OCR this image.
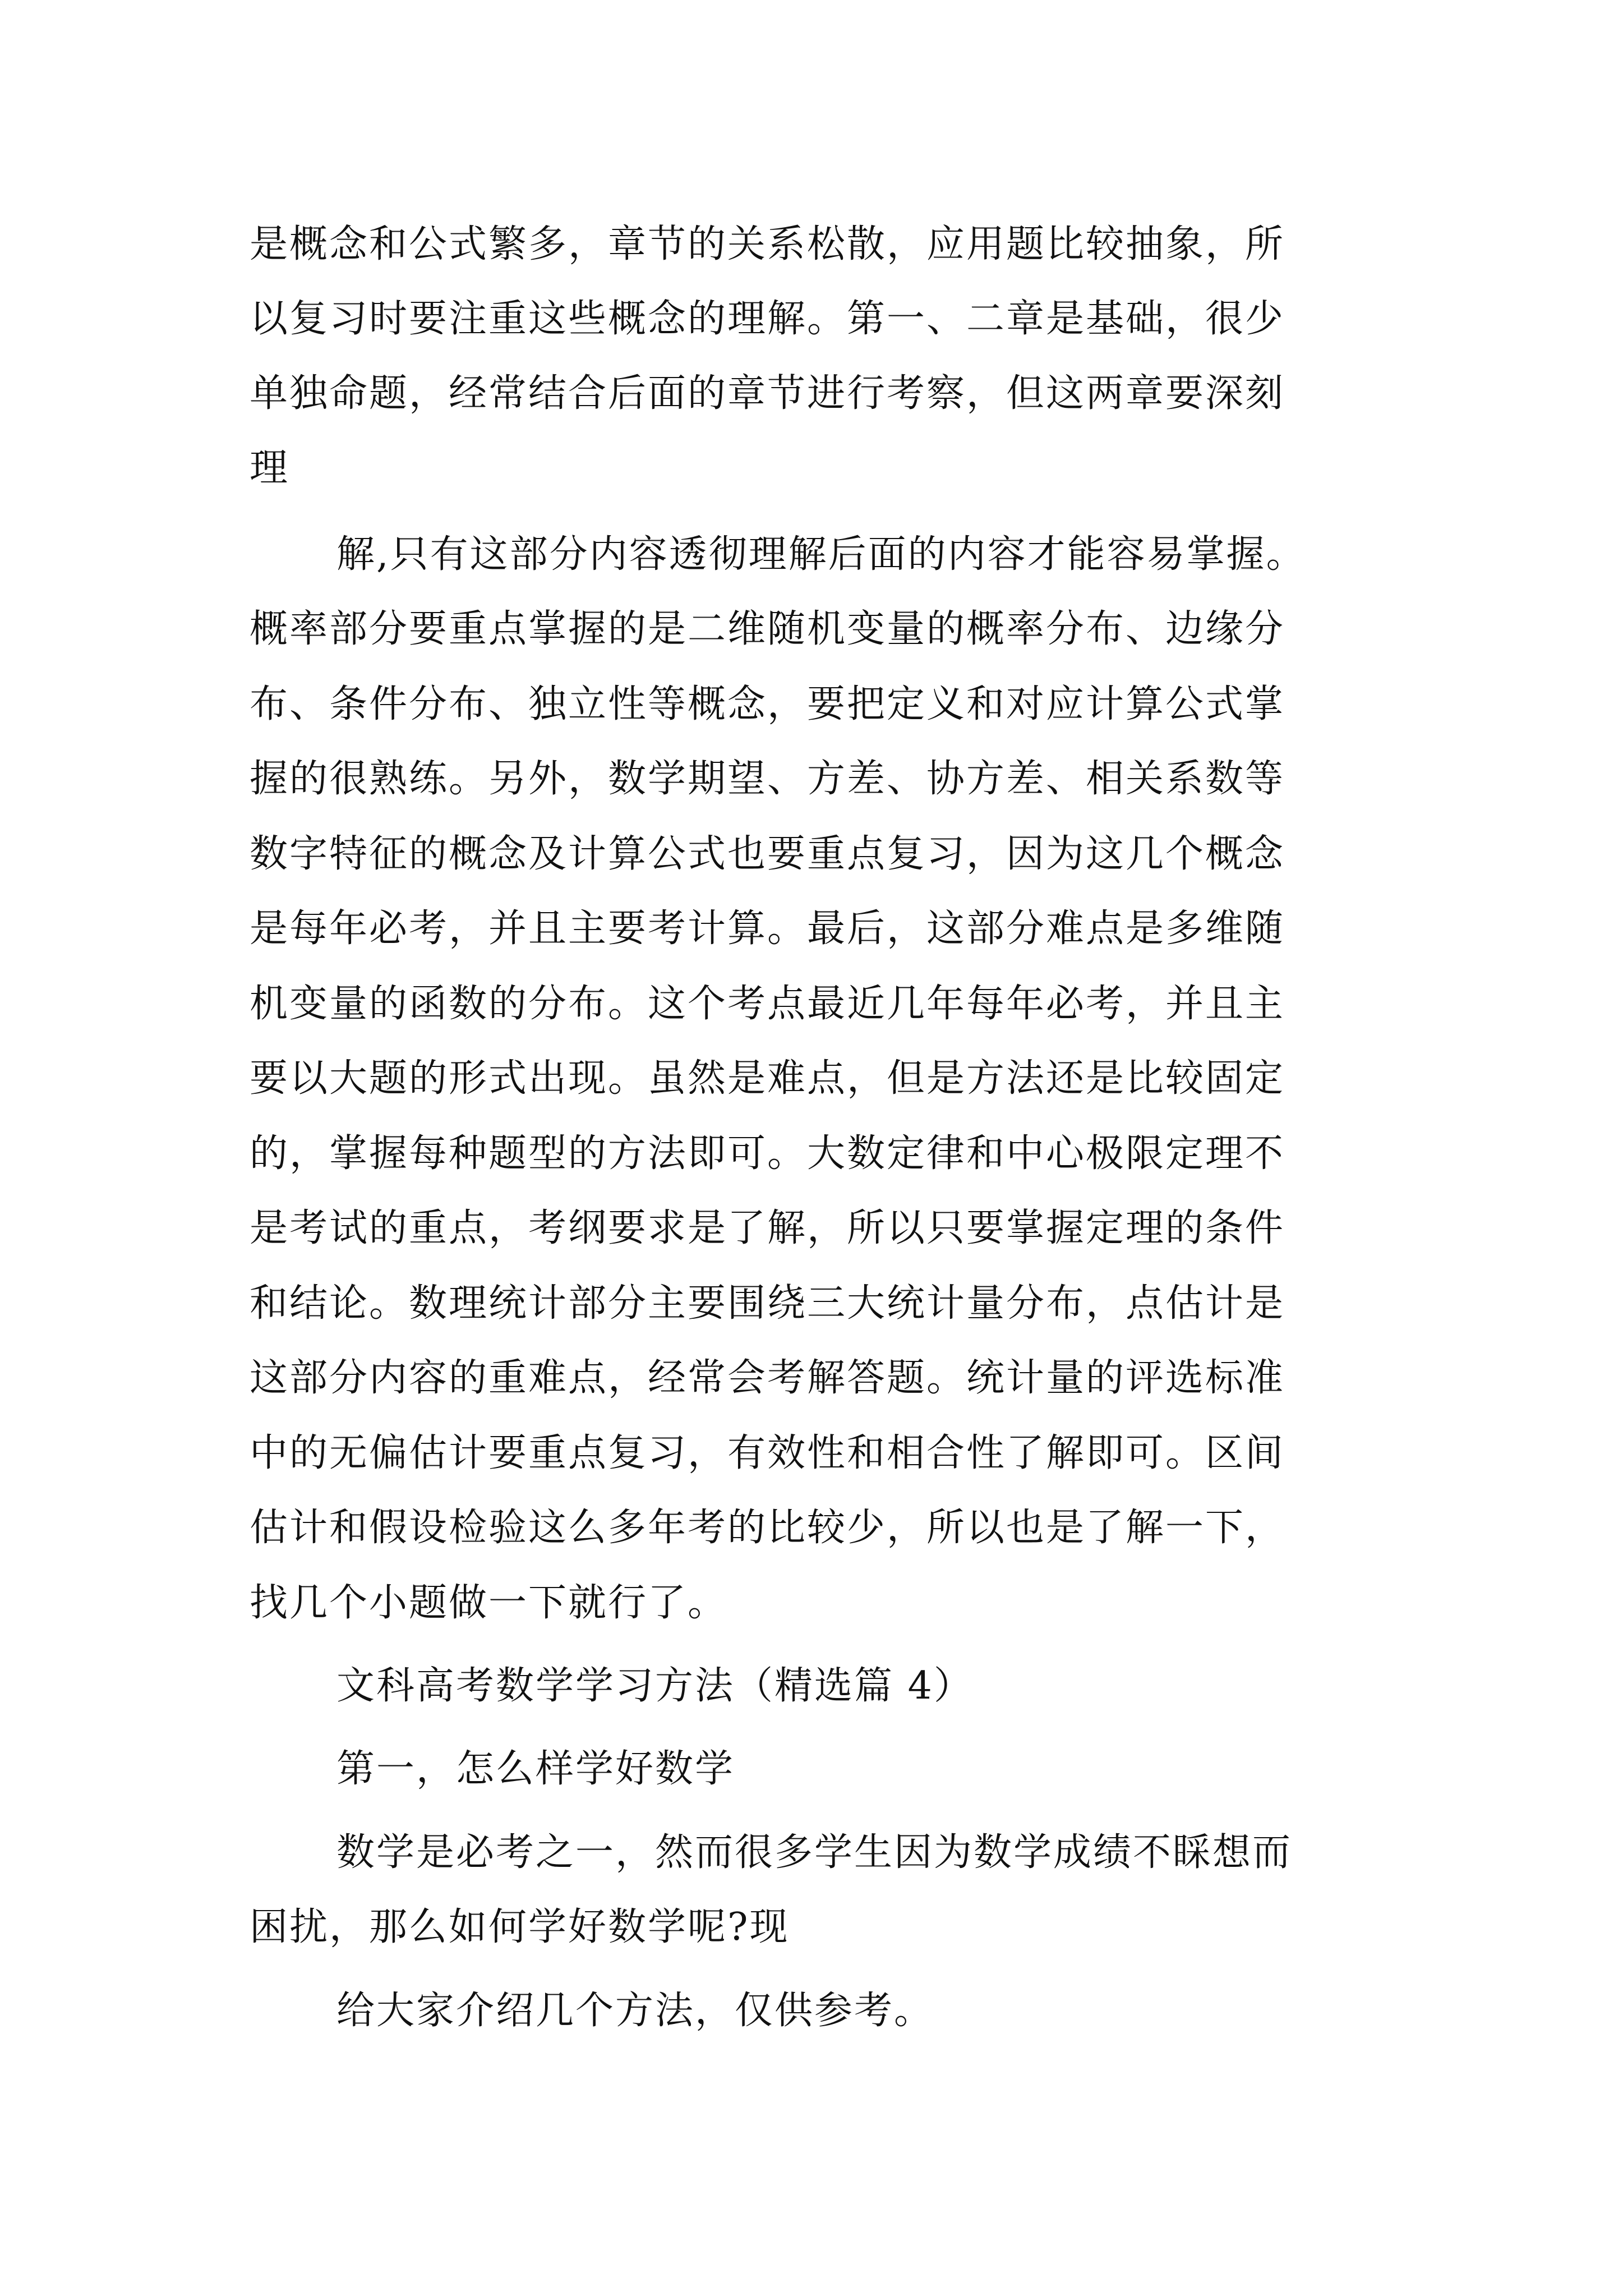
是概念和公式繁多，章节的关系松散，应用题比较抽象，所
以复习时要注重这些概念的理解。第一、二章是基础，很少
单独命题，经常结合后面的章节进行考察，但这两章要深刻
理
解,只有这部分内容透彻理解后面的内容才能容易掌握。
概率部分要重点掌握的是二维随机变量的概率分布、边缘分
布、条件分布、独立性等概念，要把定义和对应计算公式掌
握的很熟练。另外，数学期望、方差、协方差、相关系数等
数字特征的概念及计算公式也要重点复习，因为这几个概念
是每年必考，并且主要考计算。最后，这部分难点是多维随
机变量的函数的分布。这个考点最近几年每年必考，并且主
要以大题的形式出现。虽然是难点，但是方法还是比较固定
的，掌握每种题型的方法即可。大数定律和中心极限定理不
是考试的重点，考纲要求是了解，所以只要掌握定理的条件
和结论。数理统计部分主要围绕三大统计量分布，点估计是
这部分内容的重难点，经常会考解答题。统计量的评选标准
中的无偏估计要重点复习，有效性和相合性了解即可。区间
估计和假设检验这么多年考的比较少，所以也是了解一下，
找几个小题做一下就行了。
文科高考数学学习方法（精选篇 4）
第一，怎么样学好数学
数学是必考之一，然而很多学生因为数学成绩不睬想而
困扰，那么如何学好数学呢?现
给大家介绍几个方法，仅供参考。
